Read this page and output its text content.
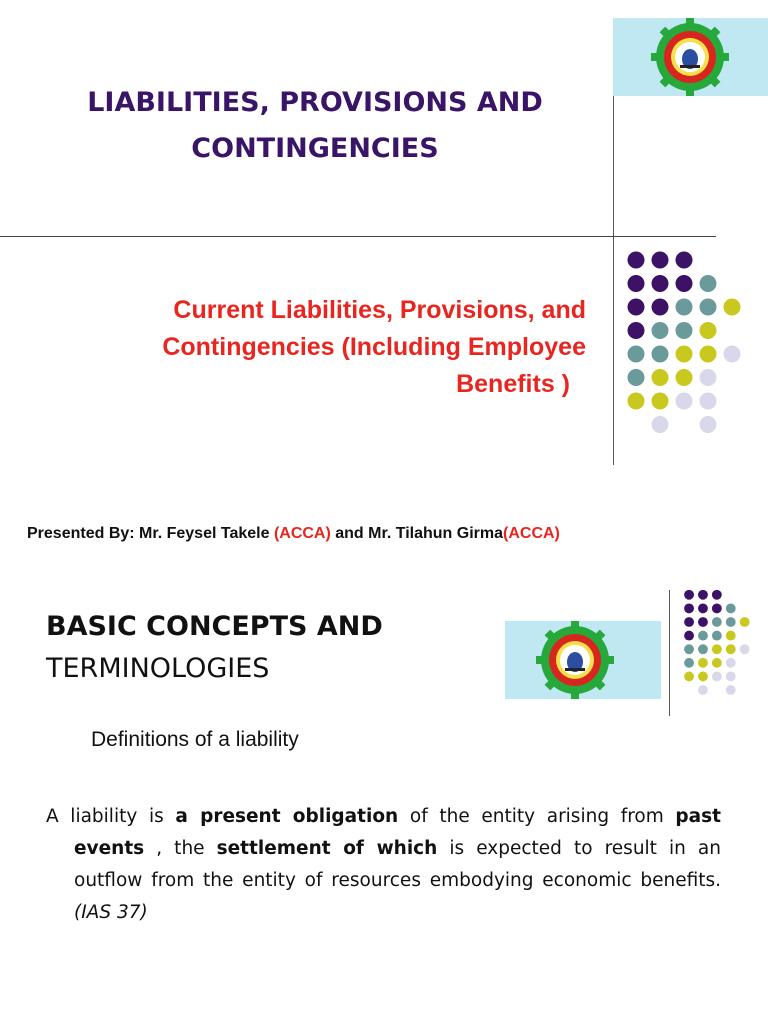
LIABILITIES, PROVISIONS AND
CONTINGENCIES
Current Liabilities, Provisions, and
Contingencies (Including Employee
Benefits )
Presented By: Mr. Feysel Takele (ACCA) and Mr. Tilahun Girma(ACCA)
BASIC CONCEPTS AND
TERMINOLOGIES
Definitions of a liability
A liability is a present obligation of the entity arising from past events , the settlement of which is expected to result in an outflow from the entity of resources embodying economic benefits. (IAS 37)
